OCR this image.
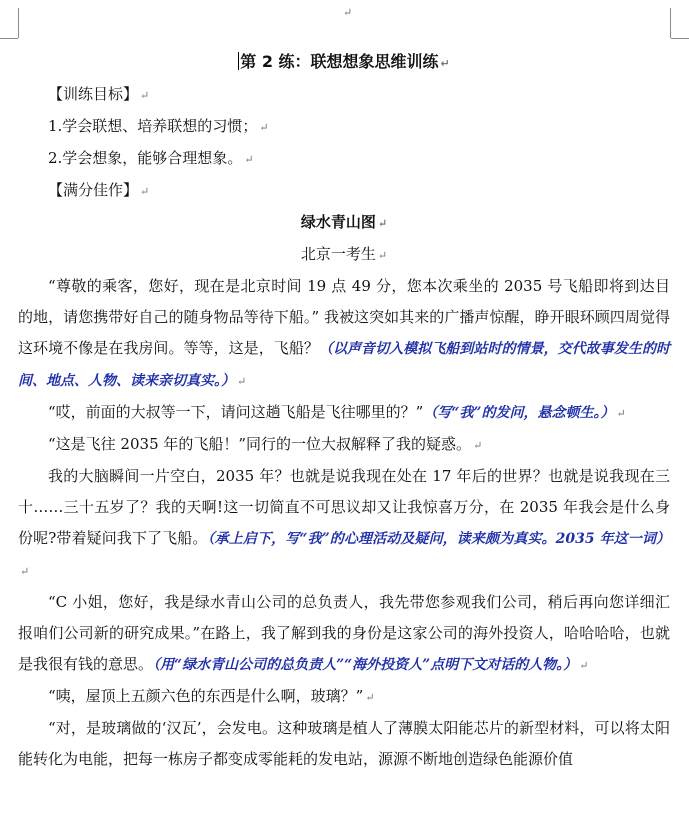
↵

第 2 练：联想想象思维训练 ↵

【训练目标】 ↵

1.学会联想、培养联想的习惯； ↵

2.学会想象，能够合理想象。 ↵

【满分佳作】 ↵

绿水青山图 ↵

北京一考生 ↵

“尊敬的乘客，您好，现在是北京时间 19 点 49 分，您本次乘坐的 2035 号飞船即将到达目的地，请您携带好自己的随身物品等待下船。” 我被这突如其来的广播声惊醒，睁开眼环顾四周觉得这环境不像是在我房间。等等，这是，飞船？（以声音切入模拟飞船到站时的情景，交代故事发生的时间、地点、人物、读来亲切真实。） ↵

“哎，前面的大叔等一下，请问这趟飞船是飞往哪里的？”（写“我”的发问，悬念顿生。） ↵

“这是飞往 2035 年的飞船！”同行的一位大叔解释了我的疑惑。 ↵

我的大脑瞬间一片空白，2035 年？也就是说我现在处在 17 年后的世界？也就是说我现在三十……三十五岁了？我的天啊!这一切简直不可思议却又让我惊喜万分，在 2035 年我会是什么身份呢?带着疑问我下了飞船。（承上启下，写“我”的心理活动及疑问，读来颇为真实。2035 年这一词）↵

“C 小姐，您好，我是绿水青山公司的总负责人，我先带您参观我们公司，稍后再向您详细汇报咱们公司新的研究成果。”在路上，我了解到我的身份是这家公司的海外投资人，哈哈哈哈，也就是我很有钱的意思。（用“绿水青山公司的总负责人”“海外投资人”点明下文对话的人物。） ↵

“咦，屋顶上五颜六色的东西是什么啊，玻璃？” ↵

“对，是玻璃做的‘汉瓦’，会发电。这种玻璃是植人了薄膜太阳能芯片的新型材料，可以将太阳能转化为电能，把每一栋房子都变成零能耗的发电站，源源不断地创造绿色能源价值
